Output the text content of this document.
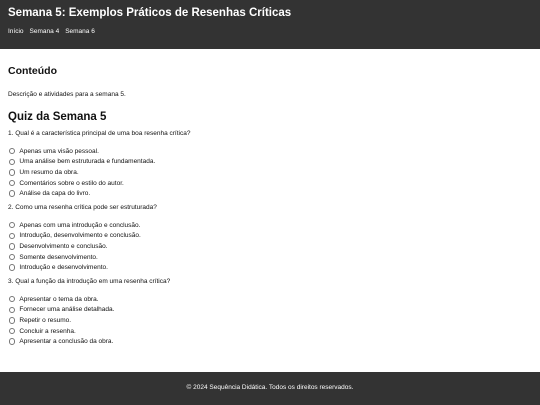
Semana 5: Exemplos Práticos de Resenhas Críticas
Início Semana 4 Semana 6
Conteúdo

Descrição e atividades para a semana 5.

Quiz da Semana 5

1. Qual é a característica principal de uma boa resenha crítica?

Apenas uma visão pessoal.
Uma análise bem estruturada e fundamentada.
Um resumo da obra.
Comentários sobre o estilo do autor.
Análise da capa do livro.

2. Como uma resenha crítica pode ser estruturada?

Apenas com uma introdução e conclusão.
Introdução, desenvolvimento e conclusão.
Desenvolvimento e conclusão.
Somente desenvolvimento.
Introdução e desenvolvimento.

3. Qual a função da introdução em uma resenha crítica?

Apresentar o tema da obra.
Fornecer uma análise detalhada.
Repetir o resumo.
Concluir a resenha.
Apresentar a conclusão da obra.
© 2024 Sequência Didática. Todos os direitos reservados.
